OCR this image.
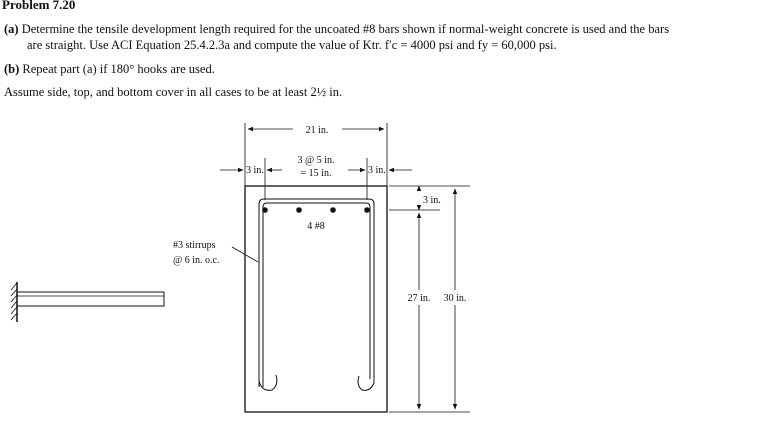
Problem 7.20
(a) Determine the tensile development length required for the uncoated #8 bars shown if normal-weight concrete is used and the bars
are straight. Use ACI Equation 25.4.2.3a and compute the value of Ktr. f′c = 4000 psi and fy = 60,000 psi.
(b) Repeat part (a) if 180° hooks are used.
Assume side, top, and bottom cover in all cases to be at least 2½ in.
21 in.
3 in.	3 in.
3 @ 5 in.
= 15 in.
4 #8
#3 stirrups
@ 6 in. o.c.
3 in.
27 in. 30 in.
